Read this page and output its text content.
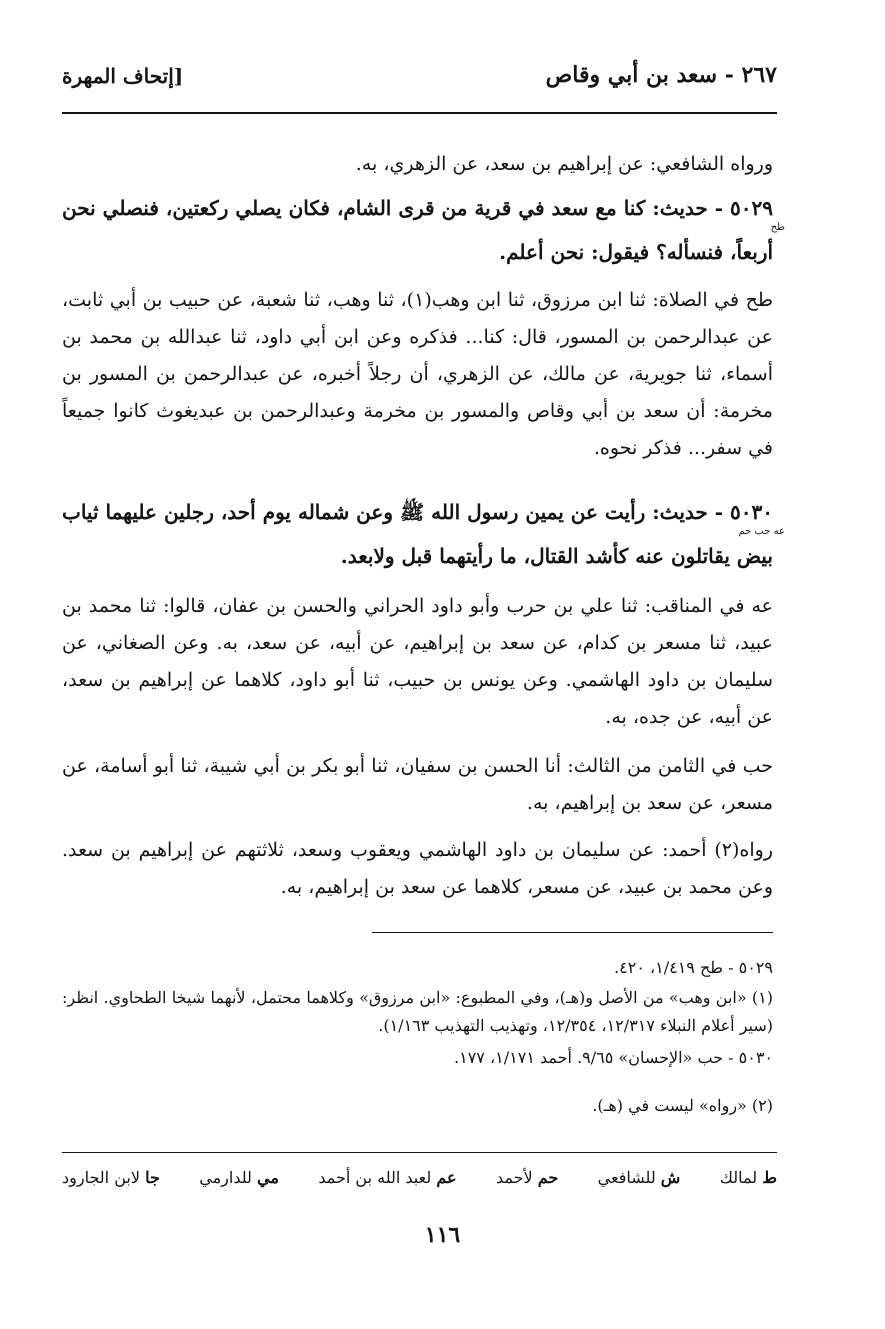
٢٦٧ - سعد بن أبي وقاص
[إتحاف المهرة
ورواه الشافعي: عن إبراهيم بن سعد، عن الزهري، به.
٥٠٢٩ - حديث: كنا مع سعد في قرية من قرى الشام، فكان يصلي ركعتين، فنصلي نحن أربعاً، فنسأله؟ فيقول: نحن أعلم.
طح
طح في الصلاة: ثنا ابن مرزوق، ثنا ابن وهب(١)، ثنا وهب، ثنا شعبة، عن حبيب بن أبي ثابت، عن عبدالرحمن بن المسور، قال: كنا... فذكره وعن ابن أبي داود، ثنا عبدالله بن محمد بن أسماء، ثنا جويرية، عن مالك، عن الزهري، أن رجلاً أخبره، عن عبدالرحمن بن المسور بن مخرمة: أن سعد بن أبي وقاص والمسور بن مخرمة وعبدالرحمن بن عبديغوث كانوا جميعاً في سفر... فذكر نحوه.
٥٠٣٠ - حديث: رأيت عن يمين رسول الله ﷺ وعن شماله يوم أحد، رجلين عليهما ثياب بيض يقاتلون عنه كأشد القتال، ما رأيتهما قبل ولابعد.
عه حب حم
عه في المناقب: ثنا علي بن حرب وأبو داود الحراني والحسن بن عفان، قالوا: ثنا محمد بن عبيد، ثنا مسعر بن كدام، عن سعد بن إبراهيم، عن أبيه، عن سعد، به. وعن الصغاني، عن سليمان بن داود الهاشمي. وعن يونس بن حبيب، ثنا أبو داود، كلاهما عن إبراهيم بن سعد، عن أبيه، عن جده، به.
حب في الثامن من الثالث: أنا الحسن بن سفيان، ثنا أبو بكر بن أبي شيبة، ثنا أبو أسامة، عن مسعر، عن سعد بن إبراهيم، به.
رواه(٢) أحمد: عن سليمان بن داود الهاشمي ويعقوب وسعد، ثلاثتهم عن إبراهيم بن سعد. وعن محمد بن عبيد، عن مسعر، كلاهما عن سعد بن إبراهيم، به.
٥٠٢٩ - طح ١/٤١٩، ٤٢٠.
(١) «ابن وهب» من الأصل و(هـ)، وفي المطبوع: «ابن مرزوق» وكلاهما محتمل، لأنهما شيخا الطحاوي. انظر: (سير أعلام النبلاء ١٢/٣١٧، ١٢/٣٥٤، وتهذيب التهذيب ١/١٦٣).
٥٠٣٠ - حب «الإحسان» ٩/٦٥. أحمد ١/١٧١، ١٧٧.
(٢) «رواه» ليست في (هـ).
ط لمالك
ش للشافعي
حم لأحمد
عم لعبد الله بن أحمد
مي للدارمي
جا لابن الجارود
١١٦
